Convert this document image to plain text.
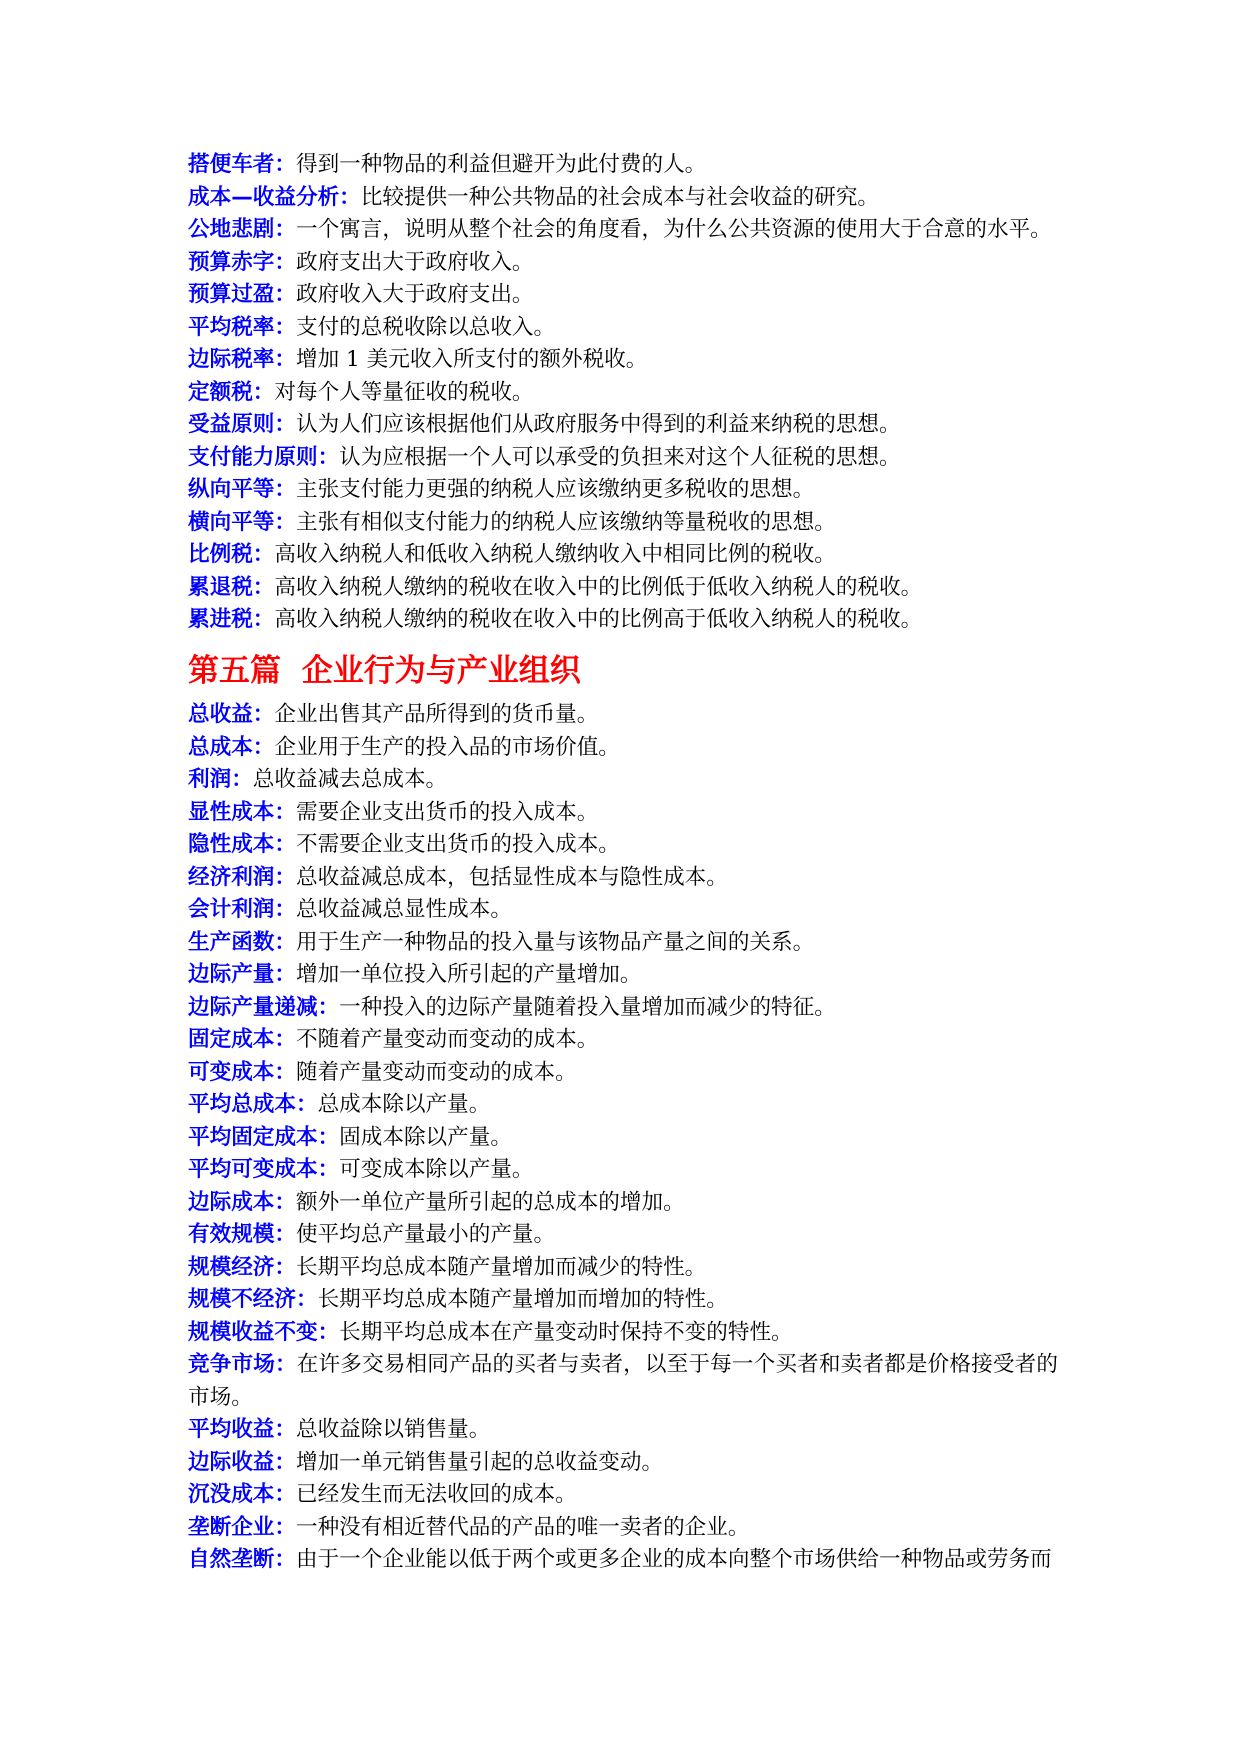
搭便车者：得到一种物品的利益但避开为此付费的人。
成本—收益分析：比较提供一种公共物品的社会成本与社会收益的研究。
公地悲剧：一个寓言，说明从整个社会的角度看，为什么公共资源的使用大于合意的水平。
预算赤字：政府支出大于政府收入。
预算过盈：政府收入大于政府支出。
平均税率：支付的总税收除以总收入。
边际税率：增加 1 美元收入所支付的额外税收。
定额税：对每个人等量征收的税收。
受益原则：认为人们应该根据他们从政府服务中得到的利益来纳税的思想。
支付能力原则：认为应根据一个人可以承受的负担来对这个人征税的思想。
纵向平等：主张支付能力更强的纳税人应该缴纳更多税收的思想。
横向平等：主张有相似支付能力的纳税人应该缴纳等量税收的思想。
比例税：高收入纳税人和低收入纳税人缴纳收入中相同比例的税收。
累退税：高收入纳税人缴纳的税收在收入中的比例低于低收入纳税人的税收。
累进税：高收入纳税人缴纳的税收在收入中的比例高于低收入纳税人的税收。
第五篇 企业行为与产业组织
总收益：企业出售其产品所得到的货币量。
总成本：企业用于生产的投入品的市场价值。
利润：总收益减去总成本。
显性成本：需要企业支出货币的投入成本。
隐性成本：不需要企业支出货币的投入成本。
经济利润：总收益减总成本，包括显性成本与隐性成本。
会计利润：总收益减总显性成本。
生产函数：用于生产一种物品的投入量与该物品产量之间的关系。
边际产量：增加一单位投入所引起的产量增加。
边际产量递减：一种投入的边际产量随着投入量增加而减少的特征。
固定成本：不随着产量变动而变动的成本。
可变成本：随着产量变动而变动的成本。
平均总成本：总成本除以产量。
平均固定成本：固成本除以产量。
平均可变成本：可变成本除以产量。
边际成本：额外一单位产量所引起的总成本的增加。
有效规模：使平均总产量最小的产量。
规模经济：长期平均总成本随产量增加而减少的特性。
规模不经济：长期平均总成本随产量增加而增加的特性。
规模收益不变：长期平均总成本在产量变动时保持不变的特性。
竞争市场：在许多交易相同产品的买者与卖者，以至于每一个买者和卖者都是价格接受者的市场。
平均收益：总收益除以销售量。
边际收益：增加一单元销售量引起的总收益变动。
沉没成本：已经发生而无法收回的成本。
垄断企业：一种没有相近替代品的产品的唯一卖者的企业。
自然垄断：由于一个企业能以低于两个或更多企业的成本向整个市场供给一种物品或劳务而
